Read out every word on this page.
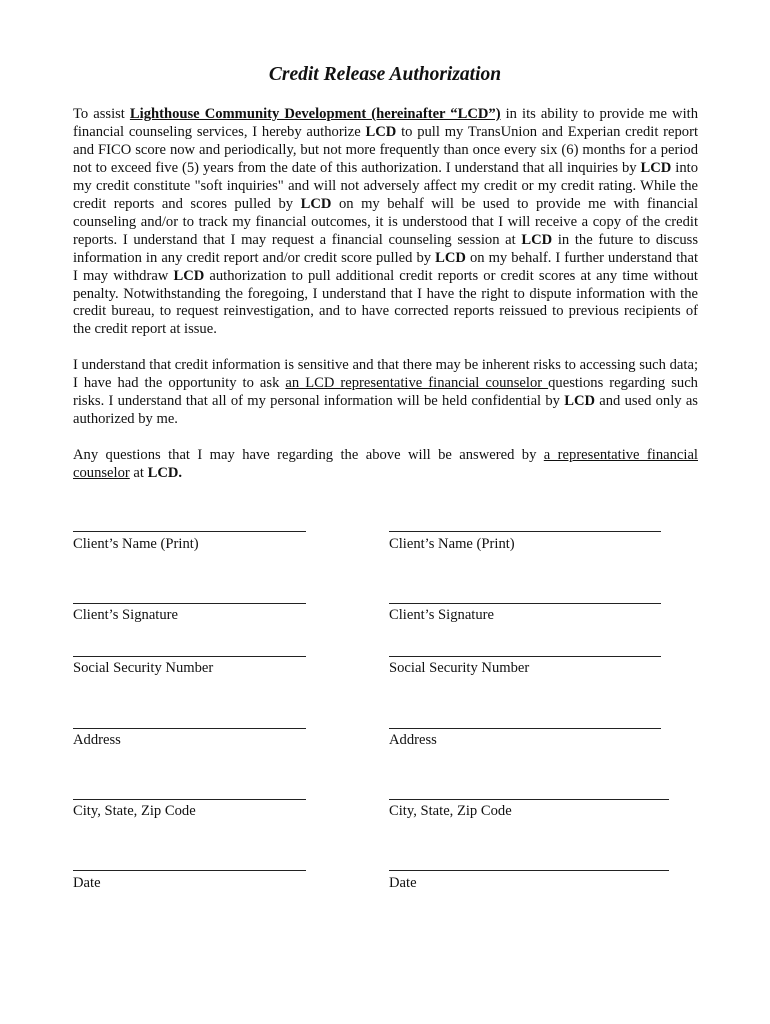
Credit Release Authorization
To assist Lighthouse Community Development (hereinafter “LCD”) in its ability to provide me with financial counseling services, I hereby authorize LCD to pull my TransUnion and Experian credit report and FICO score now and periodically, but not more frequently than once every six (6) months for a period not to exceed five (5) years from the date of this authorization. I understand that all inquiries by LCD into my credit constitute "soft inquiries" and will not adversely affect my credit or my credit rating. While the credit reports and scores pulled by LCD on my behalf will be used to provide me with financial counseling and/or to track my financial outcomes, it is understood that I will receive a copy of the credit reports. I understand that I may request a financial counseling session at LCD in the future to discuss information in any credit report and/or credit score pulled by LCD on my behalf. I further understand that I may withdraw LCD authorization to pull additional credit reports or credit scores at any time without penalty. Notwithstanding the foregoing, I understand that I have the right to dispute information with the credit bureau, to request reinvestigation, and to have corrected reports reissued to previous recipients of the credit report at issue.
I understand that credit information is sensitive and that there may be inherent risks to accessing such data; I have had the opportunity to ask an LCD representative financial counselor questions regarding such risks. I understand that all of my personal information will be held confidential by LCD and used only as authorized by me.
Any questions that I may have regarding the above will be answered by a representative financial counselor at LCD.
Client’s Name (Print)
Client’s Signature
Social Security Number
Address
City, State, Zip Code
Date
Client’s Name (Print)
Client’s Signature
Social Security Number
Address
City, State, Zip Code
Date
